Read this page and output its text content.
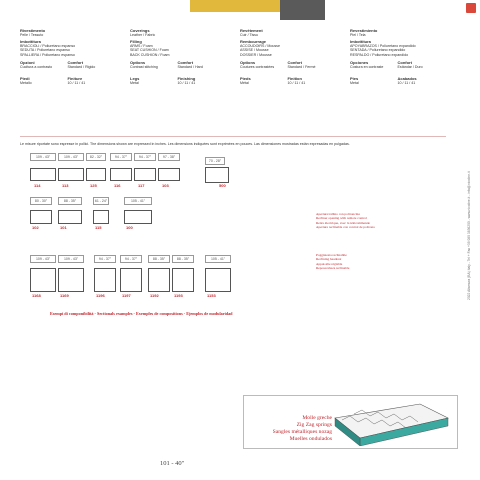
Rivestimento
Pelle / Tessuto
Imbottitura
BRACCIOLI / Poliuretano espanso
SEDUTA / Poliuretano espanso
SPALLIERA / Poliuretano espanso
Opzioni
Cucitura a contrasto
Comfort
Standard / Rigido
Piedi
Metallo
Finiture
10 / 11 / 41
Coverings
Leather / Fabric
Filling
ARMS / Foam
SEAT CUSHION / Foam
BACK CUSHION / Foam
Options
Contrast stitching
Comfort
Standard / Hard
Legs
Metal
Finishing
10 / 11 / 41
Revêtement
Cuir / Tissu
Rembourrage
ACCOUDOIRS / Mousse
ASSISE / Mousse
DOSSIER / Mousse
Options
Coutures contrastées
Confort
Standard / Fermé
Pieds
Métal
Finition
10 / 11 / 41
Revestimiento
Piel / Tela
Imbottitura
APOYABRAZOS / Poliuretano expandido
SENTADA / Poliuretano expandido
RESPALDO / Poliuretano expandido
Opciones
Costura en contraste
Confort
Estándar / Duro
Pies
Metal
Acabados
10 / 11 / 41
Le misure riportate sono espresse in pollici. The dimensions shown are expressed in inches. Les dimensions indiquées sont exprimées en pouces. Las dimensiones mostradas están expresadas en pulgadas.
109 - 43"
114
109 - 43"
113
82 - 32"
125
94 - 37"
116
94 - 37"
117
97 - 38"
103
70 - 28"
500
80 - 30"
102
88 - 35"
101
61 - 24"
115
105 - 41"
100
109 - 43"
1168
109 - 43"
1169
94 - 37"
1196
94 - 37"
1197
88 - 35"
1192
88 - 35"
1193
105 - 41"
1153
Apertura/rallino con poltroncina
Recliner opening with remote control
Relax électrique, avec la télécommande
Apertura reclinable con control de poltrona
Poggiatesta reclinabile
Reclining headrest
Appui-tête réglable
Reposacabeza reclinable
Esempi di componibilità - Sectionals examples - Exemples de compositions - Ejemplos de modularidad
Molle greche
Zig Zag springs
Sangles métalliques nozag
Muelles ondulados
101 - 40"
2022 Altamura (BA) Italy - Tel + Fax +39 080 3836200 - www.nicoline.it - info@nicoline.it
